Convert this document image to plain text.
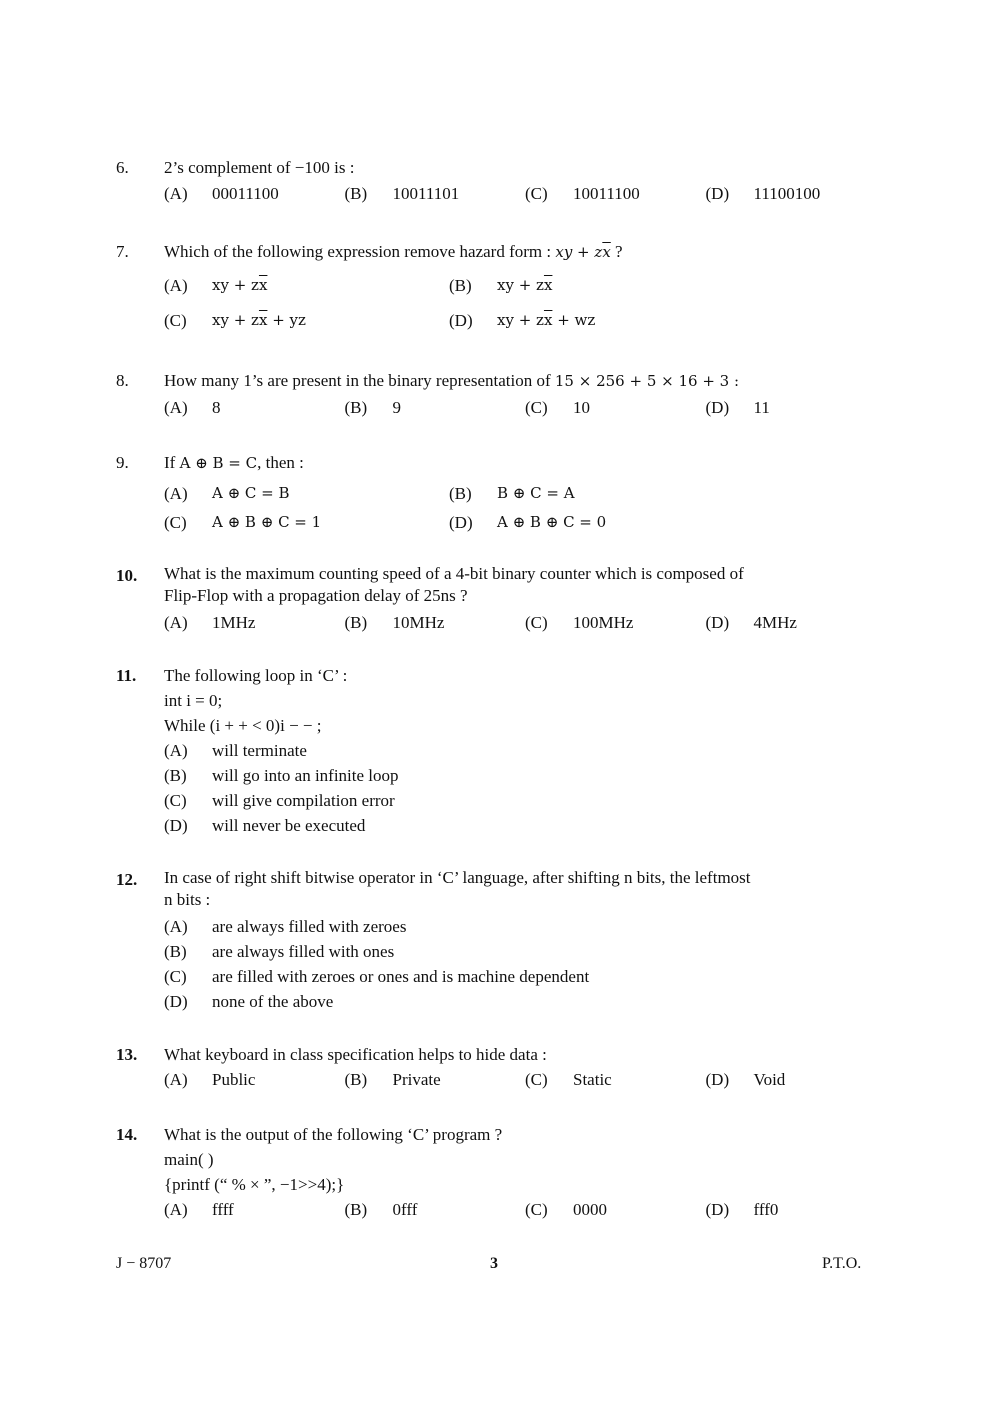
6.	2’s complement of −100 is :
(A)	00011100	(B)	10011101	(C)	10011100	(D)	11100100
7.	Which of the following expression remove hazard form : xy + $z\overline{x}$ ?
(A)	xy + $z\overline{x}$	(B)	xy + $z\overline{x}$
(C)	xy + $z\overline{x}$ + yz	(D)	xy + $z\overline{x}$ + wz
8.	How many 1’s are present in the binary representation of 15 × 256 + 5 × 16 + 3 :
(A)	8	(B)	9	(C)	10	(D)	11
9.	If A ⊕ B = C, then :
(A)	A ⊕ C = B	(B)	B ⊕ C = A
(C)	A ⊕ B ⊕ C = 1	(D)	A ⊕ B ⊕ C = 0
10.	What is the maximum counting speed of a 4-bit binary counter which is composed of
Flip-Flop with a propagation delay of 25ns ?
(A)	1MHz	(B)	10MHz	(C)	100MHz	(D)	4MHz
11.	The following loop in ‘C’ :
int i = 0;
While (i + + < 0)i − − ;
(A)	will terminate
(B)	will go into an infinite loop
(C)	will give compilation error
(D)	will never be executed
12.	In case of right shift bitwise operator in ‘C’ language, after shifting n bits, the leftmost
n bits :
(A)	are always filled with zeroes
(B)	are always filled with ones
(C)	are filled with zeroes or ones and is machine dependent
(D)	none of the above
13.	What keyboard in class specification helps to hide data :
(A)	Public	(B)	Private	(C)	Static	(D)	Void
14.	What is the output of the following ‘C’ program ?
main( )
{printf (“ % × ”, −1>>4);}
(A)	ffff	(B)	0fff	(C)	0000	(D)	fff0
J − 8707	3	P.T.O.
